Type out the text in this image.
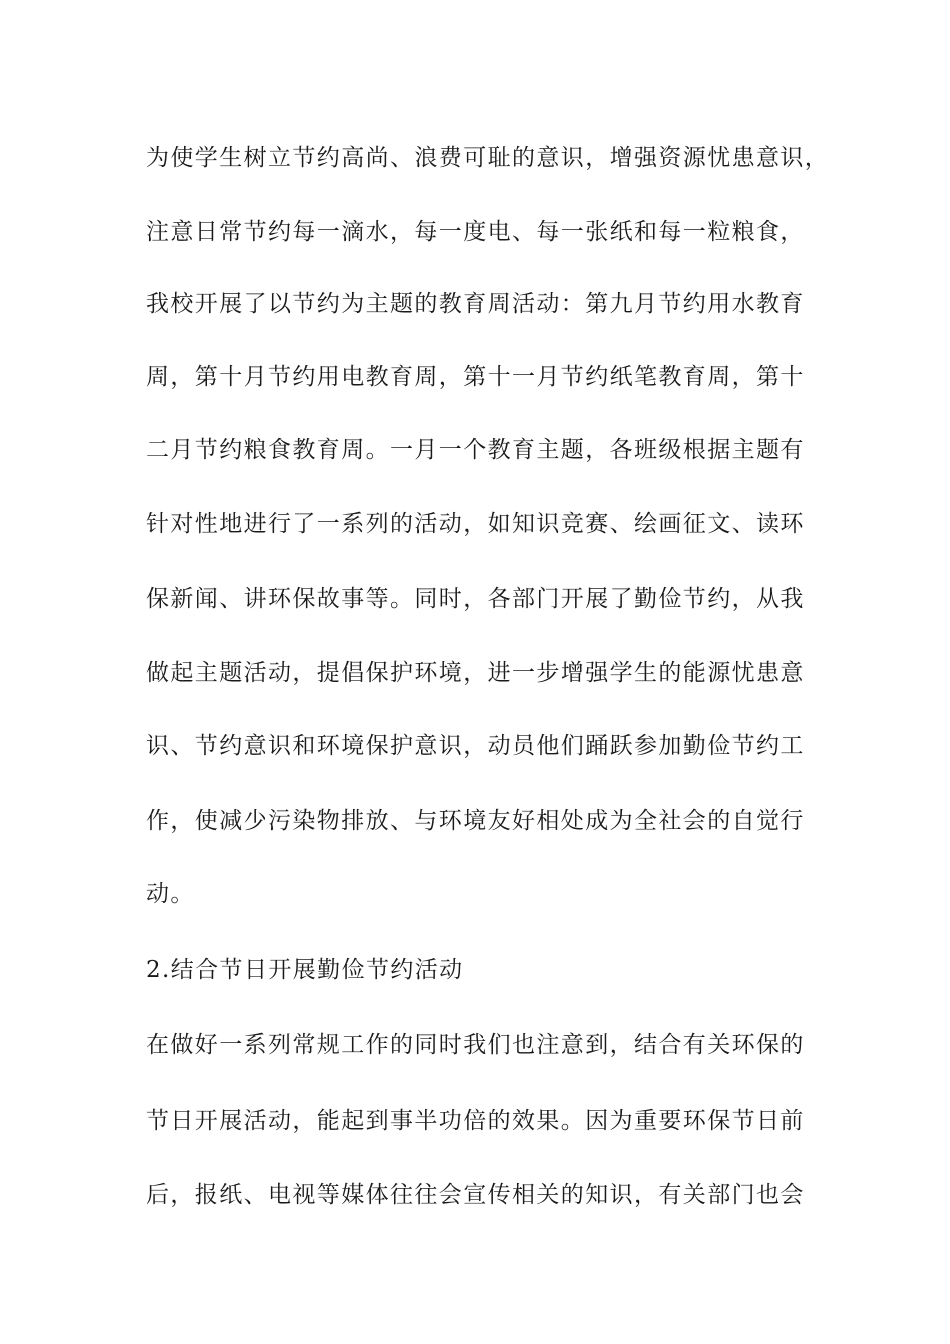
为使学生树立节约高尚、浪费可耻的意识，增强资源忧患意识，
注意日常节约每一滴水，每一度电、每一张纸和每一粒粮食，
我校开展了以节约为主题的教育周活动：第九月节约用水教育
周，第十月节约用电教育周，第十一月节约纸笔教育周，第十
二月节约粮食教育周。一月一个教育主题，各班级根据主题有
针对性地进行了一系列的活动，如知识竞赛、绘画征文、读环
保新闻、讲环保故事等。同时，各部门开展了勤俭节约，从我
做起主题活动，提倡保护环境，进一步增强学生的能源忧患意
识、节约意识和环境保护意识，动员他们踊跃参加勤俭节约工
作，使减少污染物排放、与环境友好相处成为全社会的自觉行
动。
2.结合节日开展勤俭节约活动
在做好一系列常规工作的同时我们也注意到，结合有关环保的
节日开展活动，能起到事半功倍的效果。因为重要环保节日前
后，报纸、电视等媒体往往会宣传相关的知识，有关部门也会
